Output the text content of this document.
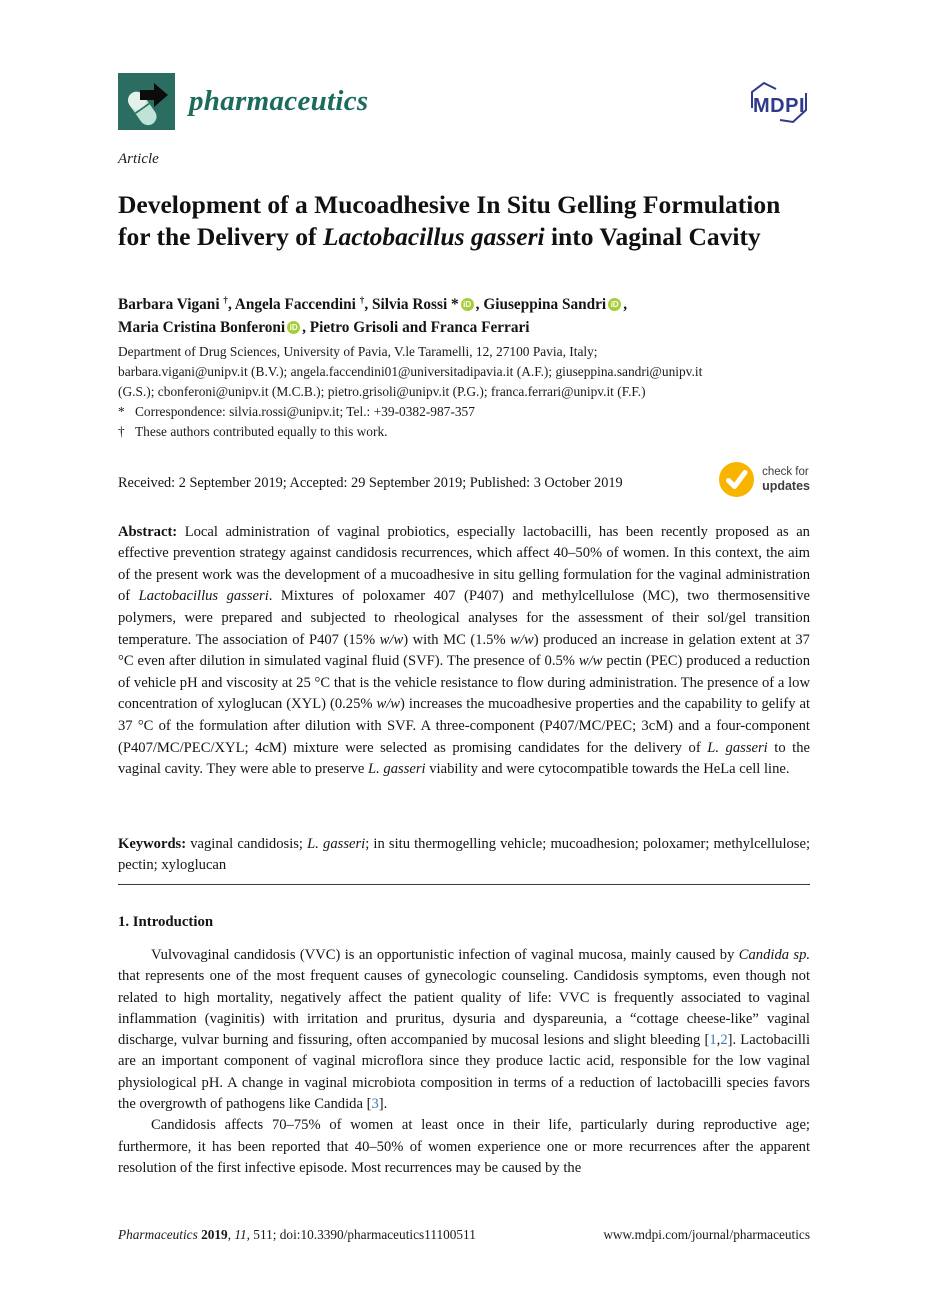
pharmaceutics	MDPI
Article
Development of a Mucoadhesive In Situ Gelling Formulation for the Delivery of Lactobacillus gasseri into Vaginal Cavity
Barbara Vigani †, Angela Faccendini †, Silvia Rossi * iD , Giuseppina Sandri iD ,
Maria Cristina Bonferoni iD , Pietro Grisoli and Franca Ferrari

Department of Drug Sciences, University of Pavia, V.le Taramelli, 12, 27100 Pavia, Italy; barbara.vigani@unipv.it (B.V.); angela.faccendini01@universitadipavia.it (A.F.); giuseppina.sandri@unipv.it (G.S.); cbonferoni@unipv.it (M.C.B.); pietro.grisoli@unipv.it (P.G.); franca.ferrari@unipv.it (F.F.)

* Correspondence: silvia.rossi@unipv.it; Tel.: +39-0382-987-357

† These authors contributed equally to this work.

Received: 2 September 2019; Accepted: 29 September 2019; Published: 3 October 2019
check for
updates

Abstract: Local administration of vaginal probiotics, especially lactobacilli, has been recently proposed as an effective prevention strategy against candidosis recurrences, which affect 40–50% of women. In this context, the aim of the present work was the development of a mucoadhesive in situ gelling formulation for the vaginal administration of Lactobacillus gasseri. Mixtures of poloxamer 407 (P407) and methylcellulose (MC), two thermosensitive polymers, were prepared and subjected to rheological analyses for the assessment of their sol/gel transition temperature. The association of P407 (15% w/w) with MC (1.5% w/w) produced an increase in gelation extent at 37 °C even after dilution in simulated vaginal fluid (SVF). The presence of 0.5% w/w pectin (PEC) produced a reduction of vehicle pH and viscosity at 25 °C that is the vehicle resistance to flow during administration. The presence of a low concentration of xyloglucan (XYL) (0.25% w/w) increases the mucoadhesive properties and the capability to gelify at 37 °C of the formulation after dilution with SVF. A three-component (P407/MC/PEC; 3cM) and a four-component (P407/MC/PEC/XYL; 4cM) mixture were selected as promising candidates for the delivery of L. gasseri to the vaginal cavity. They were able to preserve L. gasseri viability and were cytocompatible towards the HeLa cell line.

Keywords: vaginal candidosis; L. gasseri; in situ thermogelling vehicle; mucoadhesion; poloxamer; methylcellulose; pectin; xyloglucan

1. Introduction

Vulvovaginal candidosis (VVC) is an opportunistic infection of vaginal mucosa, mainly caused by Candida sp. that represents one of the most frequent causes of gynecologic counseling. Candidosis symptoms, even though not related to high mortality, negatively affect the patient quality of life: VVC is frequently associated to vaginal inflammation (vaginitis) with irritation and pruritus, dysuria and dyspareunia, a “cottage cheese-like” vaginal discharge, vulvar burning and fissuring, often accompanied by mucosal lesions and slight bleeding [1,2]. Lactobacilli are an important component of vaginal microflora since they produce lactic acid, responsible for the low vaginal physiological pH. A change in vaginal microbiota composition in terms of a reduction of lactobacilli species favors the overgrowth of pathogens like Candida [3].

Candidosis affects 70–75% of women at least once in their life, particularly during reproductive age; furthermore, it has been reported that 40–50% of women experience one or more recurrences after the apparent resolution of the first infective episode. Most recurrences may be caused by the

Pharmaceutics 2019, 11, 511; doi:10.3390/pharmaceutics11100511	www.mdpi.com/journal/pharmaceutics
